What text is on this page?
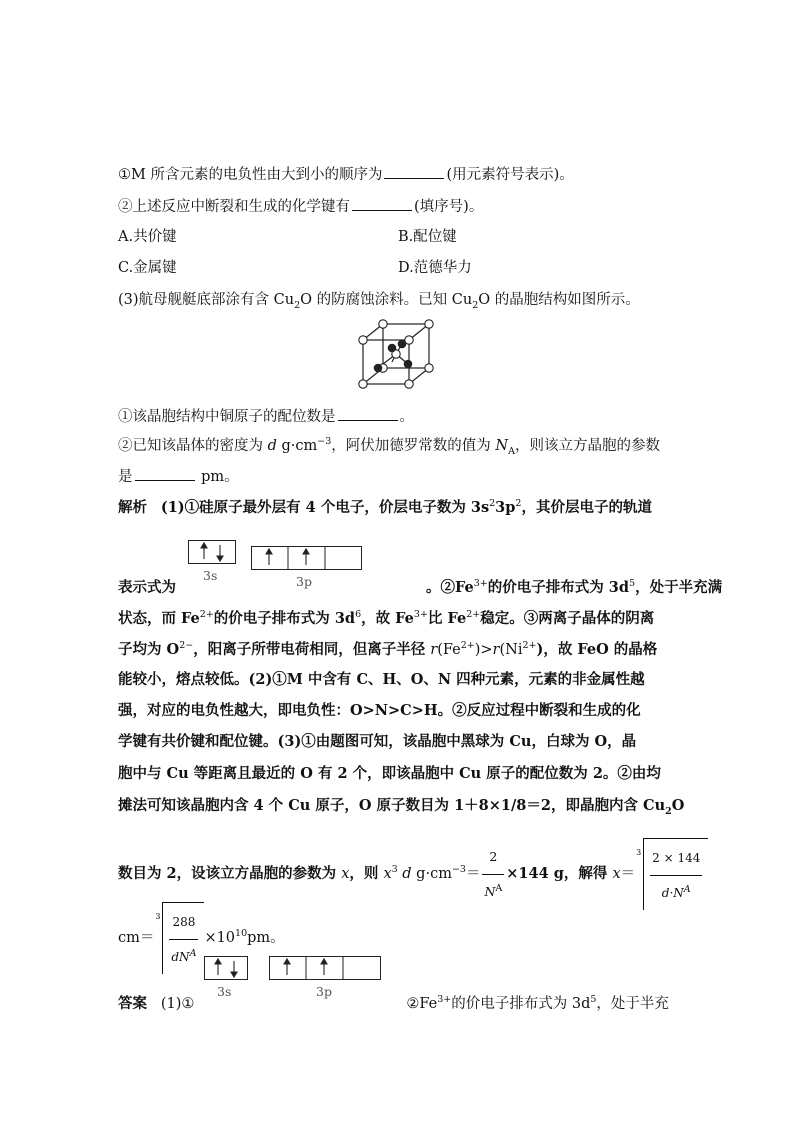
①M 所含元素的电负性由大到小的顺序为	(用元素符号表示)。
②上述反应中断裂和生成的化学键有	(填序号)。
A.共价键	B.配位键
C.金属键	D.范德华力
(3)航母舰艇底部涂有含 $Cu_2O$ 的防腐蚀涂料。已知 $Cu_2O$ 的晶胞结构如图所示。
①该晶胞结构中铜原子的配位数是	。
②已知该晶体的密度为 d $g\cdot cm^{-3}$，阿伏加德罗常数的值为 $N_A$，则该立方晶胞的参数
是	pm。
解析 (1)①硅原子最外层有 4 个电子，价层电子数为 $3s^23p^2$，其价层电子的轨道
3s	3p
表示式为	。$②Fe^{3+}$的价电子排布式为 $3d^5$，处于半充满
状态，而 $Fe^{2+}$的价电子排布式为 $3d^6$，故 $Fe^{3+}$比 $Fe^{2+}$稳定。③两离子晶体的阴离
子均为 $O^{2-}$，阳离子所带电荷相同，但离子半径 $r(Fe^{2+})>r(Ni^{2+})$，故 FeO 的晶格
能较小，熔点较低。(2)①M 中含有 C、H、O、N 四种元素，元素的非金属性越
强，对应的电负性越大，即电负性：O>N>C>H。②反应过程中断裂和生成的化
学键有共价键和配位键。(3)①由题图可知，该晶胞中黑球为 Cu，白球为 O，晶
胞中与 Cu 等距离且最近的 O 有 2 个，即该晶胞中 Cu 原子的配位数为 2。②由均
摊法可知该晶胞内含 4 个 Cu 原子，O 原子数目为 1＋8×1/8＝2，即晶胞内含 $Cu_2O$
数目为 2，设该立方晶胞的参数为 x，则 $x^3$ d $g\cdot cm^{-3}= \frac{2}{N^A} \times 144$ g，解得 x＝
$3 \frac{2 \times 144}{d\cdot N^A}$
cm＝
$3 \frac{288}{dN^A} \times 10^{10}pm$。
3s	3p
答案 (1)①	$②Fe^{3+}$的价电子排布式为 $3d^5$，处于半充
